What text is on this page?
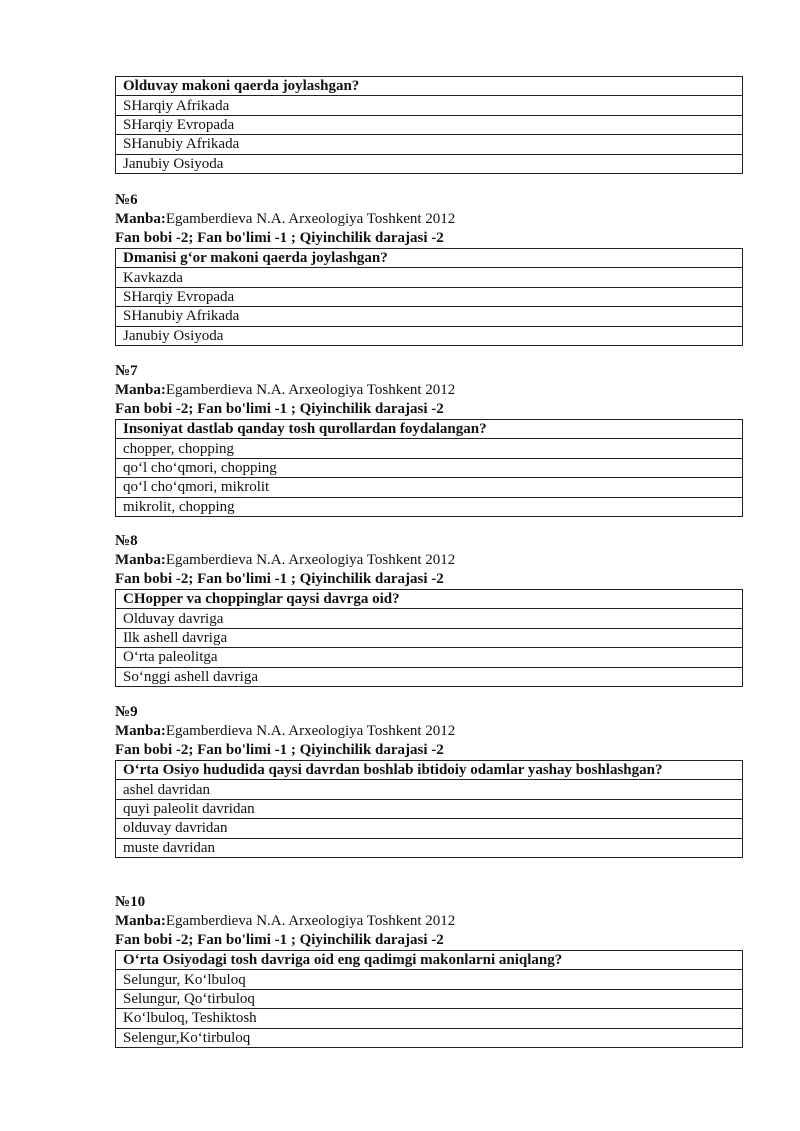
Olduvay makoni qaerda joylashgan?
SHarqiy Afrikada
SHarqiy Evropada
SHanubiy Afrikada
Janubiy Osiyoda
№6
Manba:Egamberdieva N.A. Arxeologiya Toshkent 2012
Fan bobi -2; Fan bo'limi -1 ; Qiyinchilik darajasi -2
Dmanisi g‘or makoni qaerda joylashgan?
Kavkazda
SHarqiy Evropada
SHanubiy Afrikada
Janubiy Osiyoda
№7
Manba:Egamberdieva N.A. Arxeologiya Toshkent 2012
Fan bobi -2; Fan bo'limi -1 ; Qiyinchilik darajasi -2
Insoniyat dastlab qanday tosh qurollardan foydalangan?
chopper, chopping
qo‘l cho‘qmori, chopping
qo‘l cho‘qmori, mikrolit
mikrolit, chopping
№8
Manba:Egamberdieva N.A. Arxeologiya Toshkent 2012
Fan bobi -2; Fan bo'limi -1 ; Qiyinchilik darajasi -2
CHopper va choppinglar qaysi davrga oid?
Olduvay davriga
Ilk ashell davriga
O‘rta paleolitga
So‘nggi ashell davriga
№9
Manba:Egamberdieva N.A. Arxeologiya Toshkent 2012
Fan bobi -2; Fan bo'limi -1 ; Qiyinchilik darajasi -2
O‘rta Osiyo hududida qaysi davrdan boshlab ibtidoiy odamlar yashay boshlashgan?
ashel davridan
quyi paleolit davridan
olduvay davridan
muste davridan
№10
Manba:Egamberdieva N.A. Arxeologiya Toshkent 2012
Fan bobi -2; Fan bo'limi -1 ; Qiyinchilik darajasi -2
O‘rta Osiyodagi tosh davriga oid eng qadimgi makonlarni aniqlang?
Selungur, Ko‘lbuloq
Selungur, Qo‘tirbuloq
Ko‘lbuloq, Teshiktosh
Selengur,Ko‘tirbuloq
